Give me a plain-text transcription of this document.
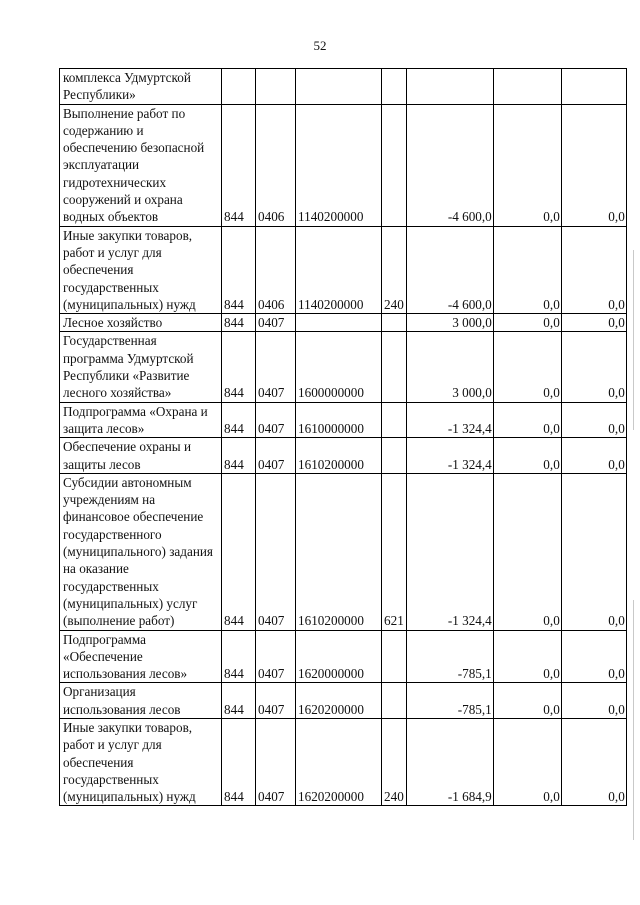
52
комплекса Удмуртской Республики»							
Выполнение работ по содержанию и обеспечению безопасной эксплуатации гидротехнических сооружений и охрана водных объектов	844	0406	1140200000		-4 600,0	0,0	0,0
Иные закупки товаров, работ и услуг для обеспечения государственных (муниципальных) нужд	844	0406	1140200000	240	-4 600,0	0,0	0,0
Лесное хозяйство	844	0407			3 000,0	0,0	0,0
Государственная программа Удмуртской Республики «Развитие лесного хозяйства»	844	0407	1600000000		3 000,0	0,0	0,0
Подпрограмма «Охрана и защита лесов»	844	0407	1610000000		-1 324,4	0,0	0,0
Обеспечение охраны и защиты лесов	844	0407	1610200000		-1 324,4	0,0	0,0
Субсидии автономным учреждениям на финансовое обеспечение государственного (муниципального) задания на оказание государственных (муниципальных) услуг (выполнение работ)	844	0407	1610200000	621	-1 324,4	0,0	0,0
Подпрограмма «Обеспечение использования лесов»	844	0407	1620000000		-785,1	0,0	0,0
Организация использования лесов	844	0407	1620200000		-785,1	0,0	0,0
Иные закупки товаров, работ и услуг для обеспечения государственных (муниципальных) нужд	844	0407	1620200000	240	-1 684,9	0,0	0,0
